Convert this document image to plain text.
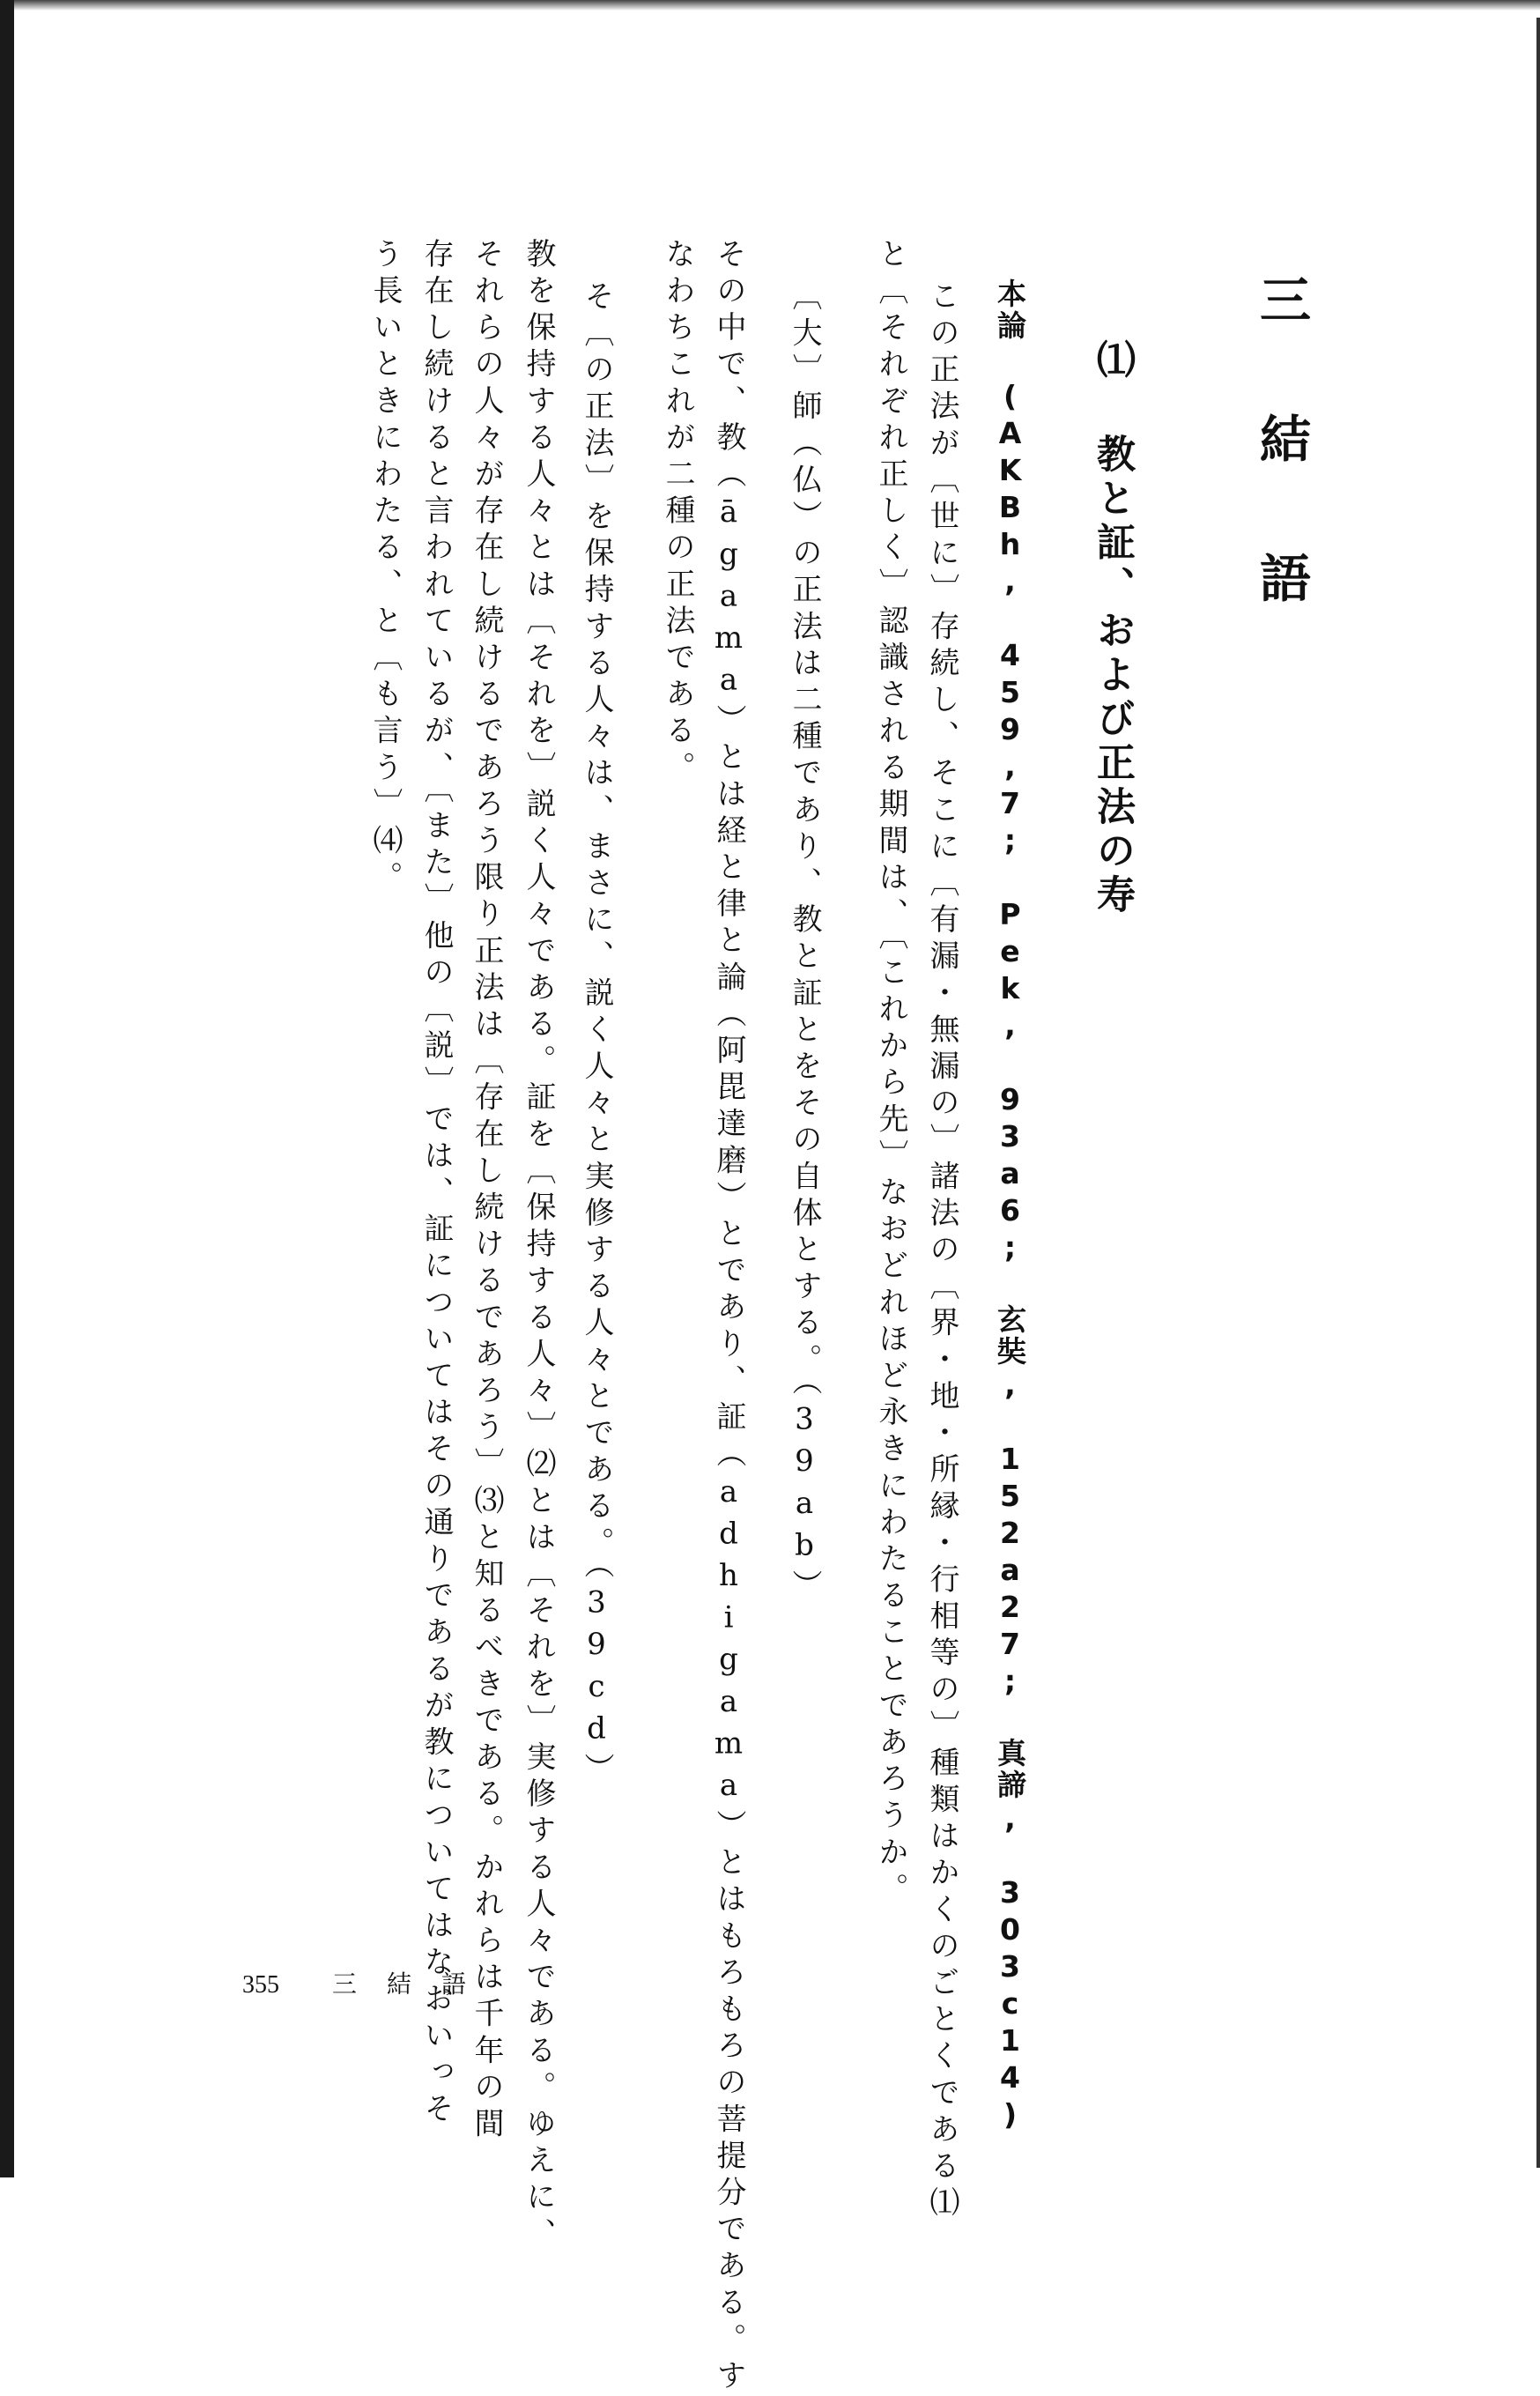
三結語
⑴ 教と証、および正法の寿
本論 (AKBh, 459,7; Pek, 93a6; 玄奘, 152a27; 真諦, 303c14)

この正法が〔世に〕存続し、そこに〔有漏・無漏の〕諸法の〔界・地・所縁・行相等の〕種類はかくのごとくである⑴

と〔それぞれ正しく〕認識される期間は、〔これから先〕なおどれほど永きにわたることであろうか。

〔大〕師（仏）の正法は二種であり、教と証とをその自体とする。（39ab）

その中で、教（āgama）とは経と律と論（阿毘達磨）とであり、証（adhigama）とはもろもろの菩提分である。す

なわちこれが二種の正法である。

そ〔の正法〕を保持する人々は、まさに、説く人々と実修する人々とである。（39cd）

教を保持する人々とは〔それを〕説く人々である。証を〔保持する人々〕⑵とは〔それを〕実修する人々である。ゆえに、

それらの人々が存在し続けるであろう限り正法は〔存在し続けるであろう〕⑶と知るべきである。かれらは千年の間

存在し続けると言われているが、〔また〕他の〔説〕では、証についてはその通りであるが教についてはなおいっそ

う長いときにわたる、と〔も言う〕⑷。

355 三結語
